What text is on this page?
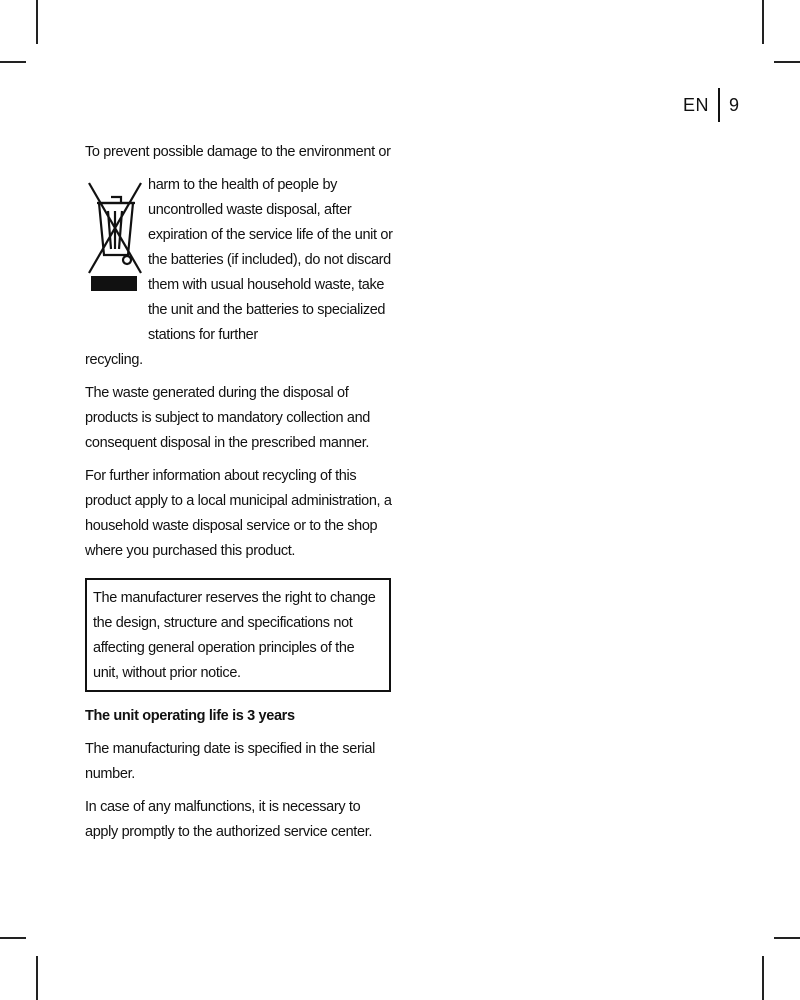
EN 9

To prevent possible damage to the environment or

harm to the health of people by uncontrolled waste disposal, after expiration of the service life of the unit or the batteries (if included), do not discard them with usual household waste, take the unit and the batteries to specialized stations for further

recycling.

The waste generated during the disposal of products is subject to mandatory collection and consequent disposal in the prescribed manner.

For further information about recycling of this product apply to a local municipal administration, a household waste disposal service or to the shop where you purchased this product.

The manufacturer reserves the right to change the design, structure and specifications not affecting general operation principles of the unit, without prior notice.

The unit operating life is 3 years

The manufacturing date is specified in the serial number.

In case of any malfunctions, it is necessary to apply promptly to the authorized service center.
